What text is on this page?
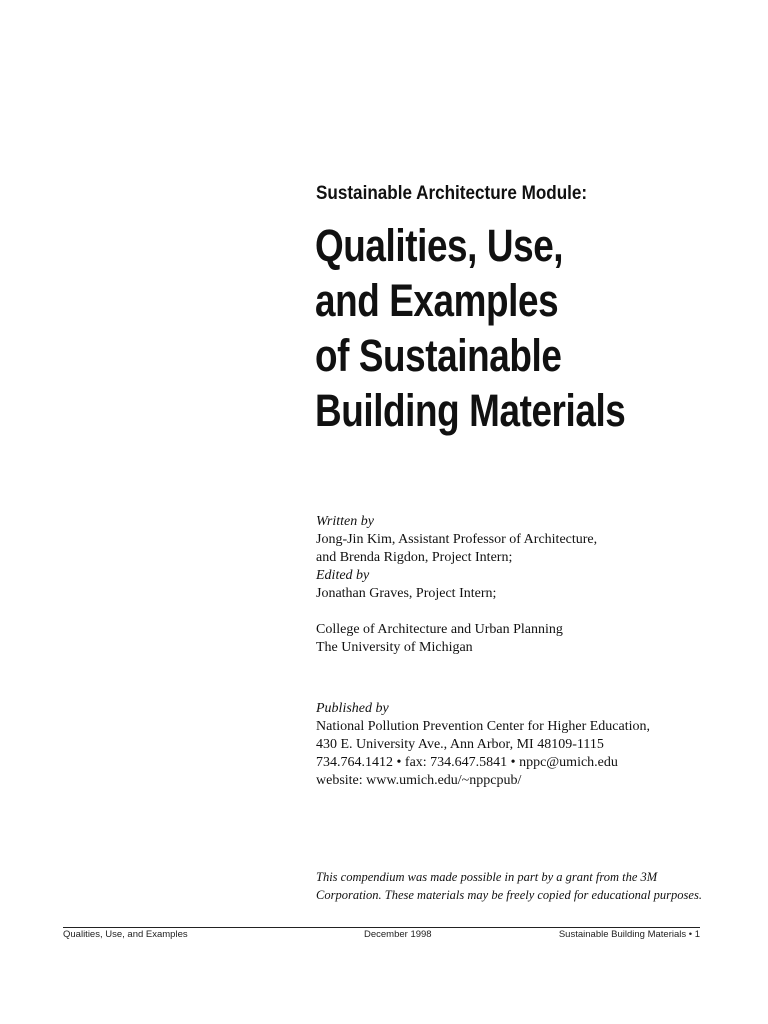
Sustainable Architecture Module:
Qualities, Use,
and Examples
of Sustainable
Building Materials
Written by
Jong-Jin Kim, Assistant Professor of Architecture,
and Brenda Rigdon, Project Intern;
Edited by
Jonathan Graves, Project Intern;
College of Architecture and Urban Planning
The University of Michigan
Published by
National Pollution Prevention Center for Higher Education,
430 E. University Ave., Ann Arbor, MI 48109-1115
734.764.1412 • fax: 734.647.5841 • nppc@umich.edu
website: www.umich.edu/~nppcpub/
This compendium was made possible in part by a grant from the 3M
Corporation. These materials may be freely copied for educational purposes.
Qualities, Use, and Examples	December 1998	Sustainable Building Materials • 1
